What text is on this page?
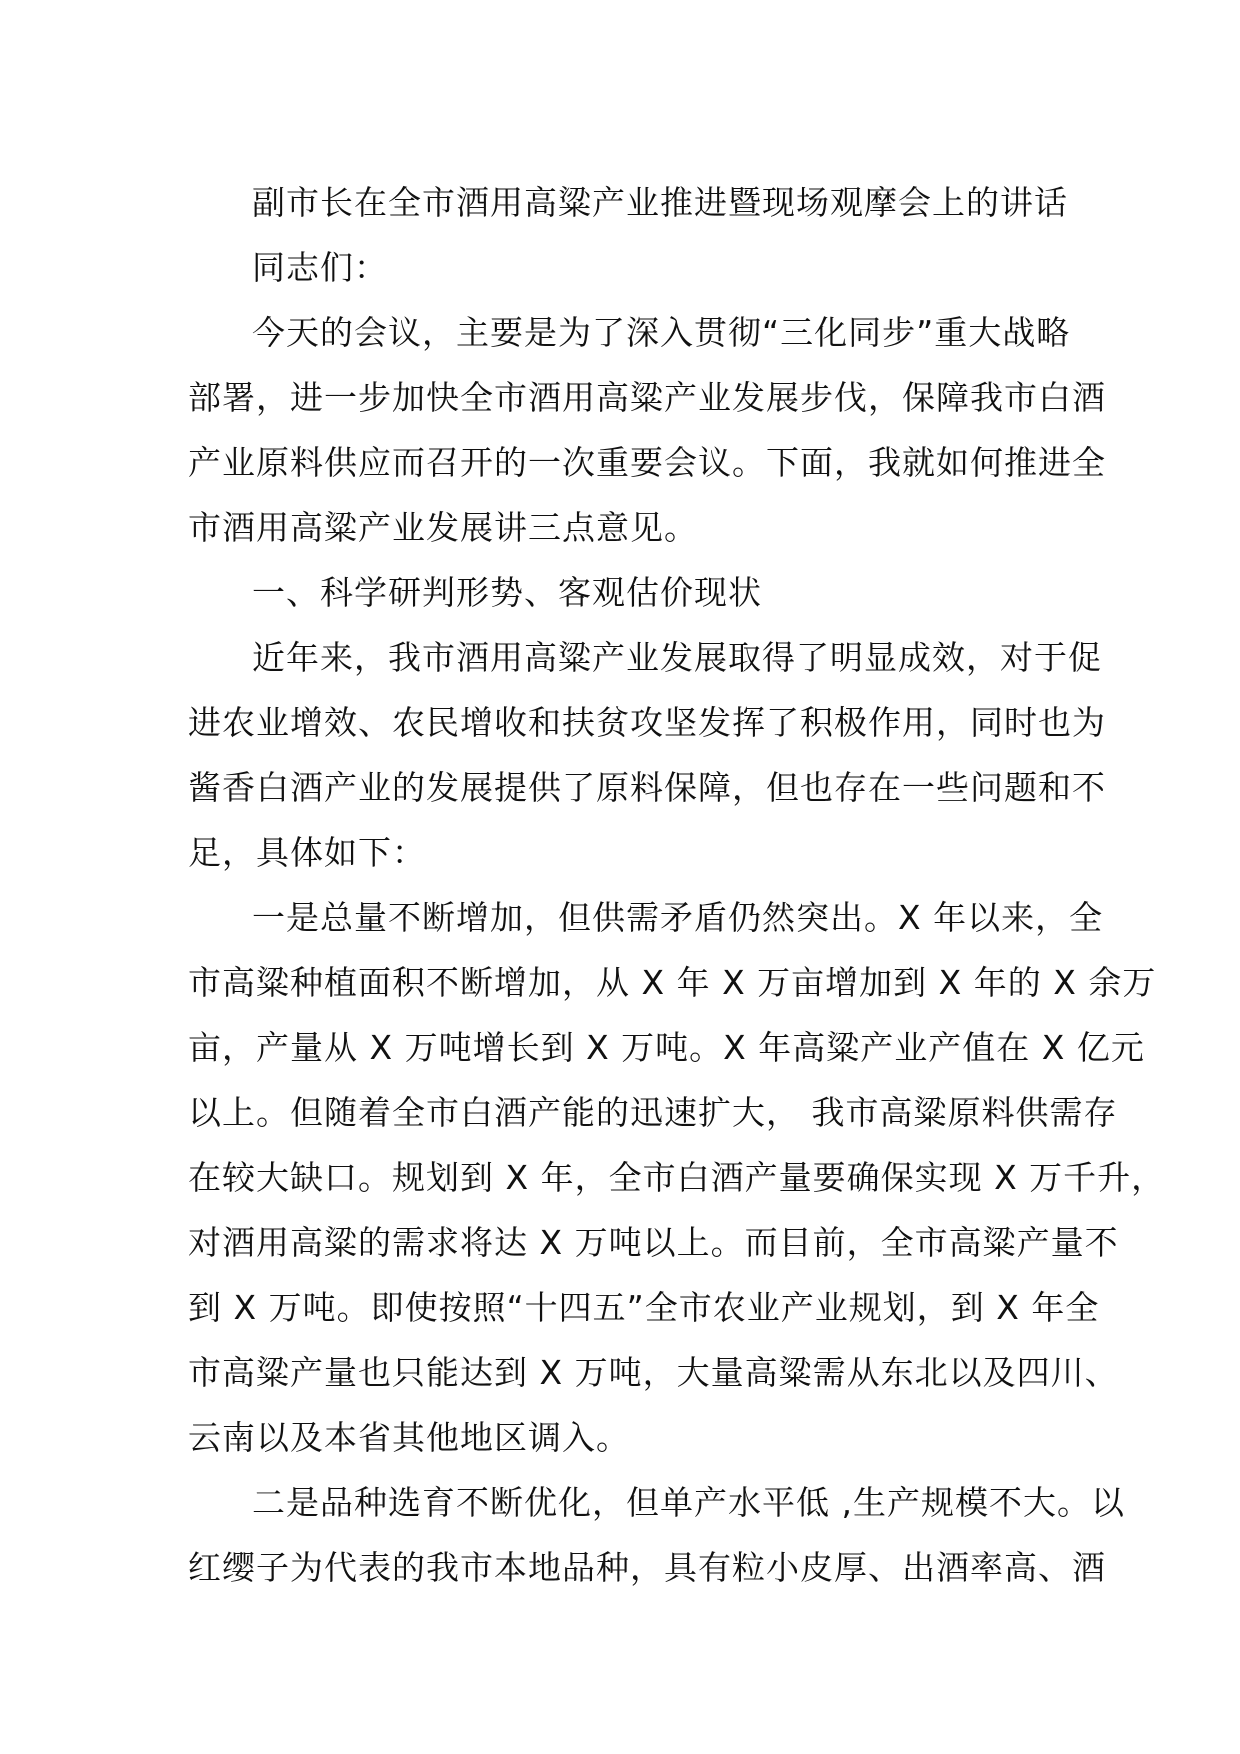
副市长在全市酒用高粱产业推进暨现场观摩会上的讲话
同志们：
今天的会议，主要是为了深入贯彻“三化同步”重大战略
部署，进一步加快全市酒用高粱产业发展步伐，保障我市白酒
产业原料供应而召开的一次重要会议。下面，我就如何推进全
市酒用高粱产业发展讲三点意见。
一、科学研判形势、客观估价现状
近年来，我市酒用高粱产业发展取得了明显成效，对于促
进农业增效、农民增收和扶贫攻坚发挥了积极作用，同时也为
酱香白酒产业的发展提供了原料保障，但也存在一些问题和不
足，具体如下：
一是总量不断增加，但供需矛盾仍然突出。X 年以来，全
市高粱种植面积不断增加，从 X 年 X 万亩增加到 X 年的 X 余万
亩，产量从 X 万吨增长到 X 万吨。X 年高粱产业产值在 X 亿元
以上。但随着全市白酒产能的迅速扩大， 我市高粱原料供需存
在较大缺口。规划到 X 年，全市白酒产量要确保实现 X 万千升，
对酒用高粱的需求将达 X 万吨以上。而目前，全市高粱产量不
到 X 万吨。即使按照“十四五”全市农业产业规划，到 X 年全
市高粱产量也只能达到 X 万吨，大量高粱需从东北以及四川、
云南以及本省其他地区调入。
二是品种选育不断优化，但单产水平低 ,生产规模不大。以
红缨子为代表的我市本地品种，具有粒小皮厚、出酒率高、酒
